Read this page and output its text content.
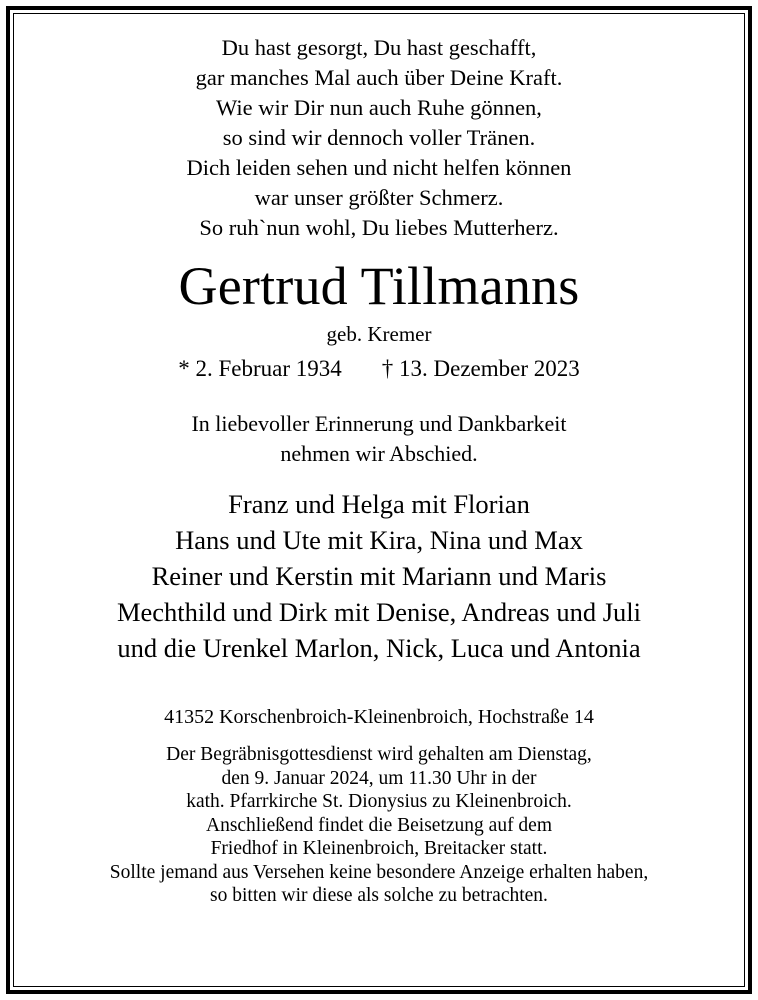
Du hast gesorgt, Du hast geschafft,
gar manches Mal auch über Deine Kraft.
Wie wir Dir nun auch Ruhe gönnen,
so sind wir dennoch voller Tränen.
Dich leiden sehen und nicht helfen können
war unser größter Schmerz.
So ruh`nun wohl, Du liebes Mutterherz.
Gertrud Tillmanns
geb. Kremer
* 2. Februar 1934 † 13. Dezember 2023
In liebevoller Erinnerung und Dankbarkeit
nehmen wir Abschied.
Franz und Helga mit Florian
Hans und Ute mit Kira, Nina und Max
Reiner und Kerstin mit Mariann und Maris
Mechthild und Dirk mit Denise, Andreas und Juli
und die Urenkel Marlon, Nick, Luca und Antonia
41352 Korschenbroich-Kleinenbroich, Hochstraße 14
Der Begräbnisgottesdienst wird gehalten am Dienstag,
den 9. Januar 2024, um 11.30 Uhr in der
kath. Pfarrkirche St. Dionysius zu Kleinenbroich.
Anschließend findet die Beisetzung auf dem
Friedhof in Kleinenbroich, Breitacker statt.
Sollte jemand aus Versehen keine besondere Anzeige erhalten haben,
so bitten wir diese als solche zu betrachten.
